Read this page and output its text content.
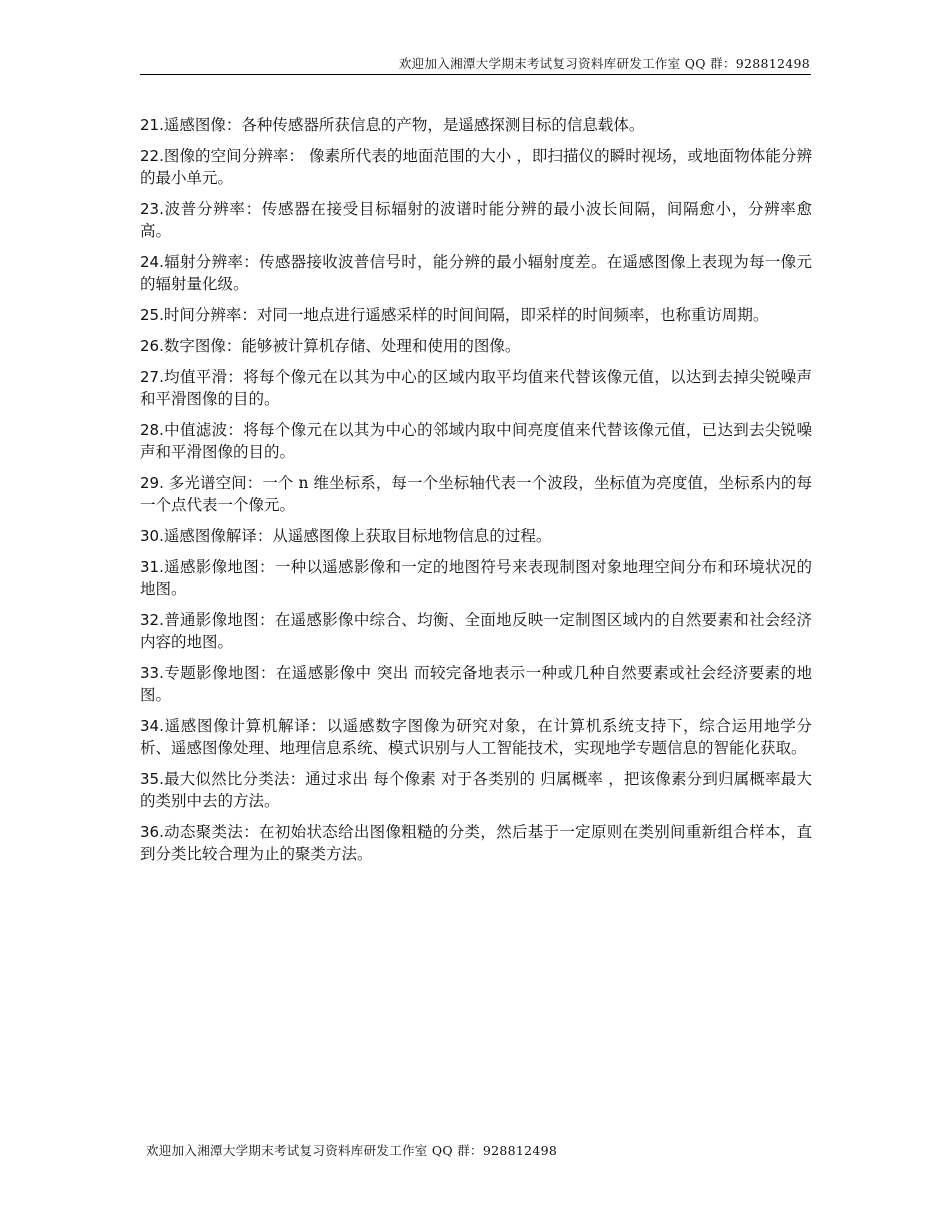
欢迎加入湘潭大学期末考试复习资料库研发工作室 QQ 群：928812498

21.遥感图像：各种传感器所获信息的产物，是遥感探测目标的信息载体。

22.图像的空间分辨率： 像素所代表的地面范围的大小 ，即扫描仪的瞬时视场，或地面物体能分辨的最小单元。

23.波普分辨率：传感器在接受目标辐射的波谱时能分辨的最小波长间隔，间隔愈小，分辨率愈高。

24.辐射分辨率：传感器接收波普信号时，能分辨的最小辐射度差。在遥感图像上表现为每一像元的辐射量化级。

25.时间分辨率：对同一地点进行遥感采样的时间间隔，即采样的时间频率，也称重访周期。

26.数字图像：能够被计算机存储、处理和使用的图像。

27.均值平滑：将每个像元在以其为中心的区域内取平均值来代替该像元值，以达到去掉尖锐噪声和平滑图像的目的。

28.中值滤波：将每个像元在以其为中心的邻域内取中间亮度值来代替该像元值，已达到去尖锐噪声和平滑图像的目的。

29. 多光谱空间：一个 n 维坐标系，每一个坐标轴代表一个波段，坐标值为亮度值，坐标系内的每一个点代表一个像元。

30.遥感图像解译：从遥感图像上获取目标地物信息的过程。

31.遥感影像地图：一种以遥感影像和一定的地图符号来表现制图对象地理空间分布和环境状况的地图。

32.普通影像地图：在遥感影像中综合、均衡、全面地反映一定制图区域内的自然要素和社会经济内容的地图。

33.专题影像地图：在遥感影像中 突出 而较完备地表示一种或几种自然要素或社会经济要素的地图。

34.遥感图像计算机解译：以遥感数字图像为研究对象，在计算机系统支持下，综合运用地学分析、遥感图像处理、地理信息系统、模式识别与人工智能技术，实现地学专题信息的智能化获取。

35.最大似然比分类法：通过求出 每个像素 对于各类别的 归属概率 ，把该像素分到归属概率最大的类别中去的方法。

36.动态聚类法：在初始状态给出图像粗糙的分类，然后基于一定原则在类别间重新组合样本，直到分类比较合理为止的聚类方法。

欢迎加入湘潭大学期末考试复习资料库研发工作室 QQ 群：928812498
